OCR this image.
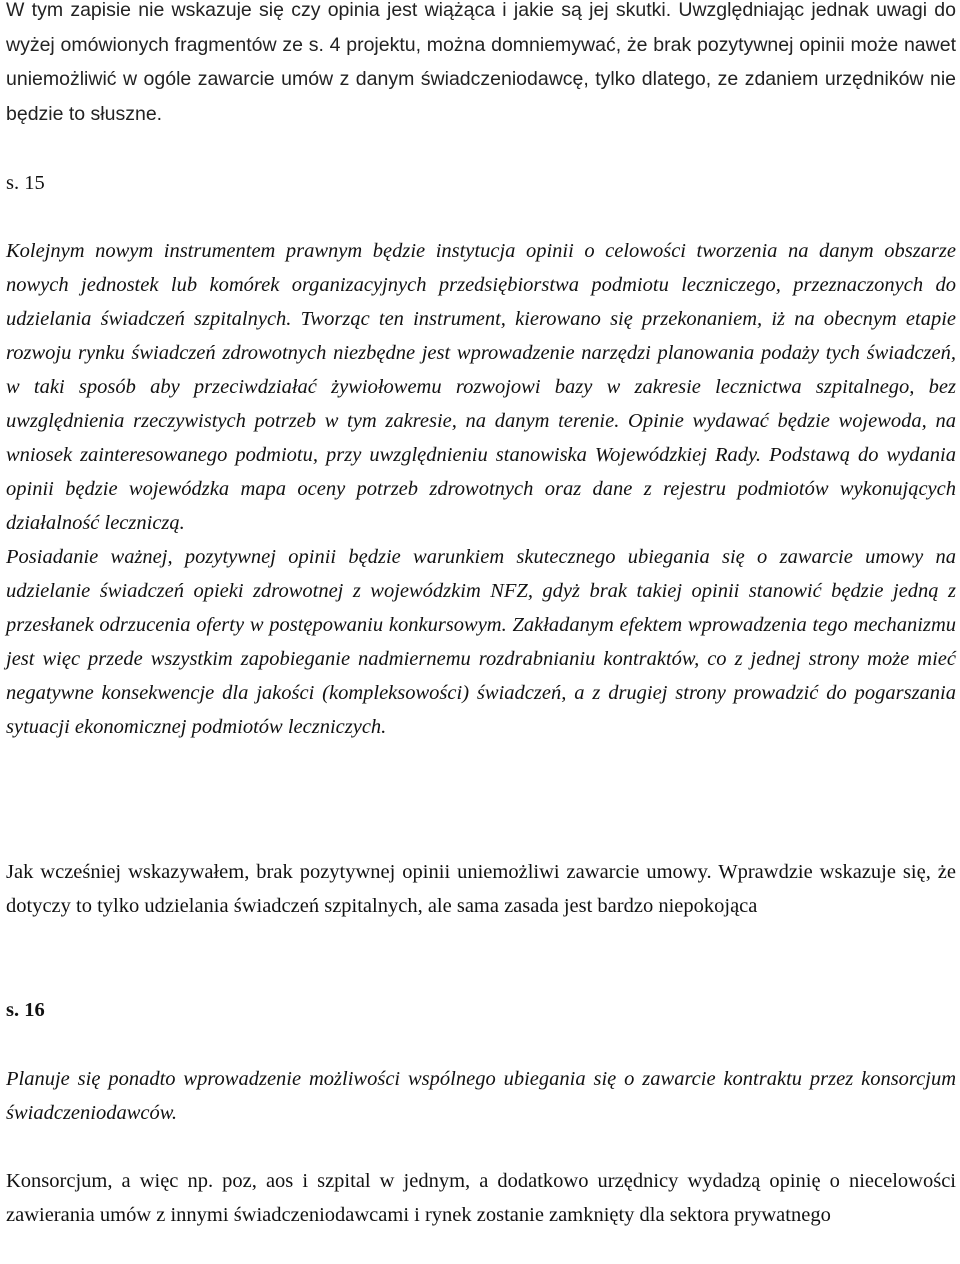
W tym zapisie nie wskazuje się czy opinia jest wiążąca i jakie są jej skutki. Uwzględniając jednak uwagi do wyżej omówionych fragmentów ze s. 4 projektu, można domniemywać, że brak pozytywnej opinii może nawet uniemożliwić w ogóle zawarcie umów z danym świadczeniodawcę, tylko dlatego, ze zdaniem urzędników nie będzie to słuszne.

s. 15

Kolejnym nowym instrumentem prawnym będzie instytucja opinii o celowości tworzenia na danym obszarze nowych jednostek lub komórek organizacyjnych przedsiębiorstwa podmiotu leczniczego, przeznaczonych do udzielania świadczeń szpitalnych. Tworząc ten instrument, kierowano się przekonaniem, iż na obecnym etapie rozwoju rynku świadczeń zdrowotnych niezbędne jest wprowadzenie narzędzi planowania podaży tych świadczeń, w taki sposób aby przeciwdziałać żywiołowemu rozwojowi bazy w zakresie lecznictwa szpitalnego, bez uwzględnienia rzeczywistych potrzeb w tym zakresie, na danym terenie. Opinie wydawać będzie wojewoda, na wniosek zainteresowanego podmiotu, przy uwzględnieniu stanowiska Wojewódzkiej Rady. Podstawą do wydania opinii będzie wojewódzka mapa oceny potrzeb zdrowotnych oraz dane z rejestru podmiotów wykonujących działalność leczniczą.

Posiadanie ważnej, pozytywnej opinii będzie warunkiem skutecznego ubiegania się o zawarcie umowy na udzielanie świadczeń opieki zdrowotnej z wojewódzkim NFZ, gdyż brak takiej opinii stanowić będzie jedną z przesłanek odrzucenia oferty w postępowaniu konkursowym. Zakładanym efektem wprowadzenia tego mechanizmu jest więc przede wszystkim zapobieganie nadmiernemu rozdrabnianiu kontraktów, co z jednej strony może mieć negatywne konsekwencje dla jakości (kompleksowości) świadczeń, a z drugiej strony prowadzić do pogarszania sytuacji ekonomicznej podmiotów leczniczych.

Jak wcześniej wskazywałem, brak pozytywnej opinii uniemożliwi zawarcie umowy. Wprawdzie wskazuje się, że dotyczy to tylko udzielania świadczeń szpitalnych, ale sama zasada jest bardzo niepokojąca

s. 16

Planuje się ponadto wprowadzenie możliwości wspólnego ubiegania się o zawarcie kontraktu przez konsorcjum świadczeniodawców.

Konsorcjum, a więc np. poz, aos i szpital w jednym, a dodatkowo urzędnicy wydadzą opinię o niecelowości zawierania umów z innymi świadczeniodawcami i rynek zostanie zamknięty dla sektora prywatnego
